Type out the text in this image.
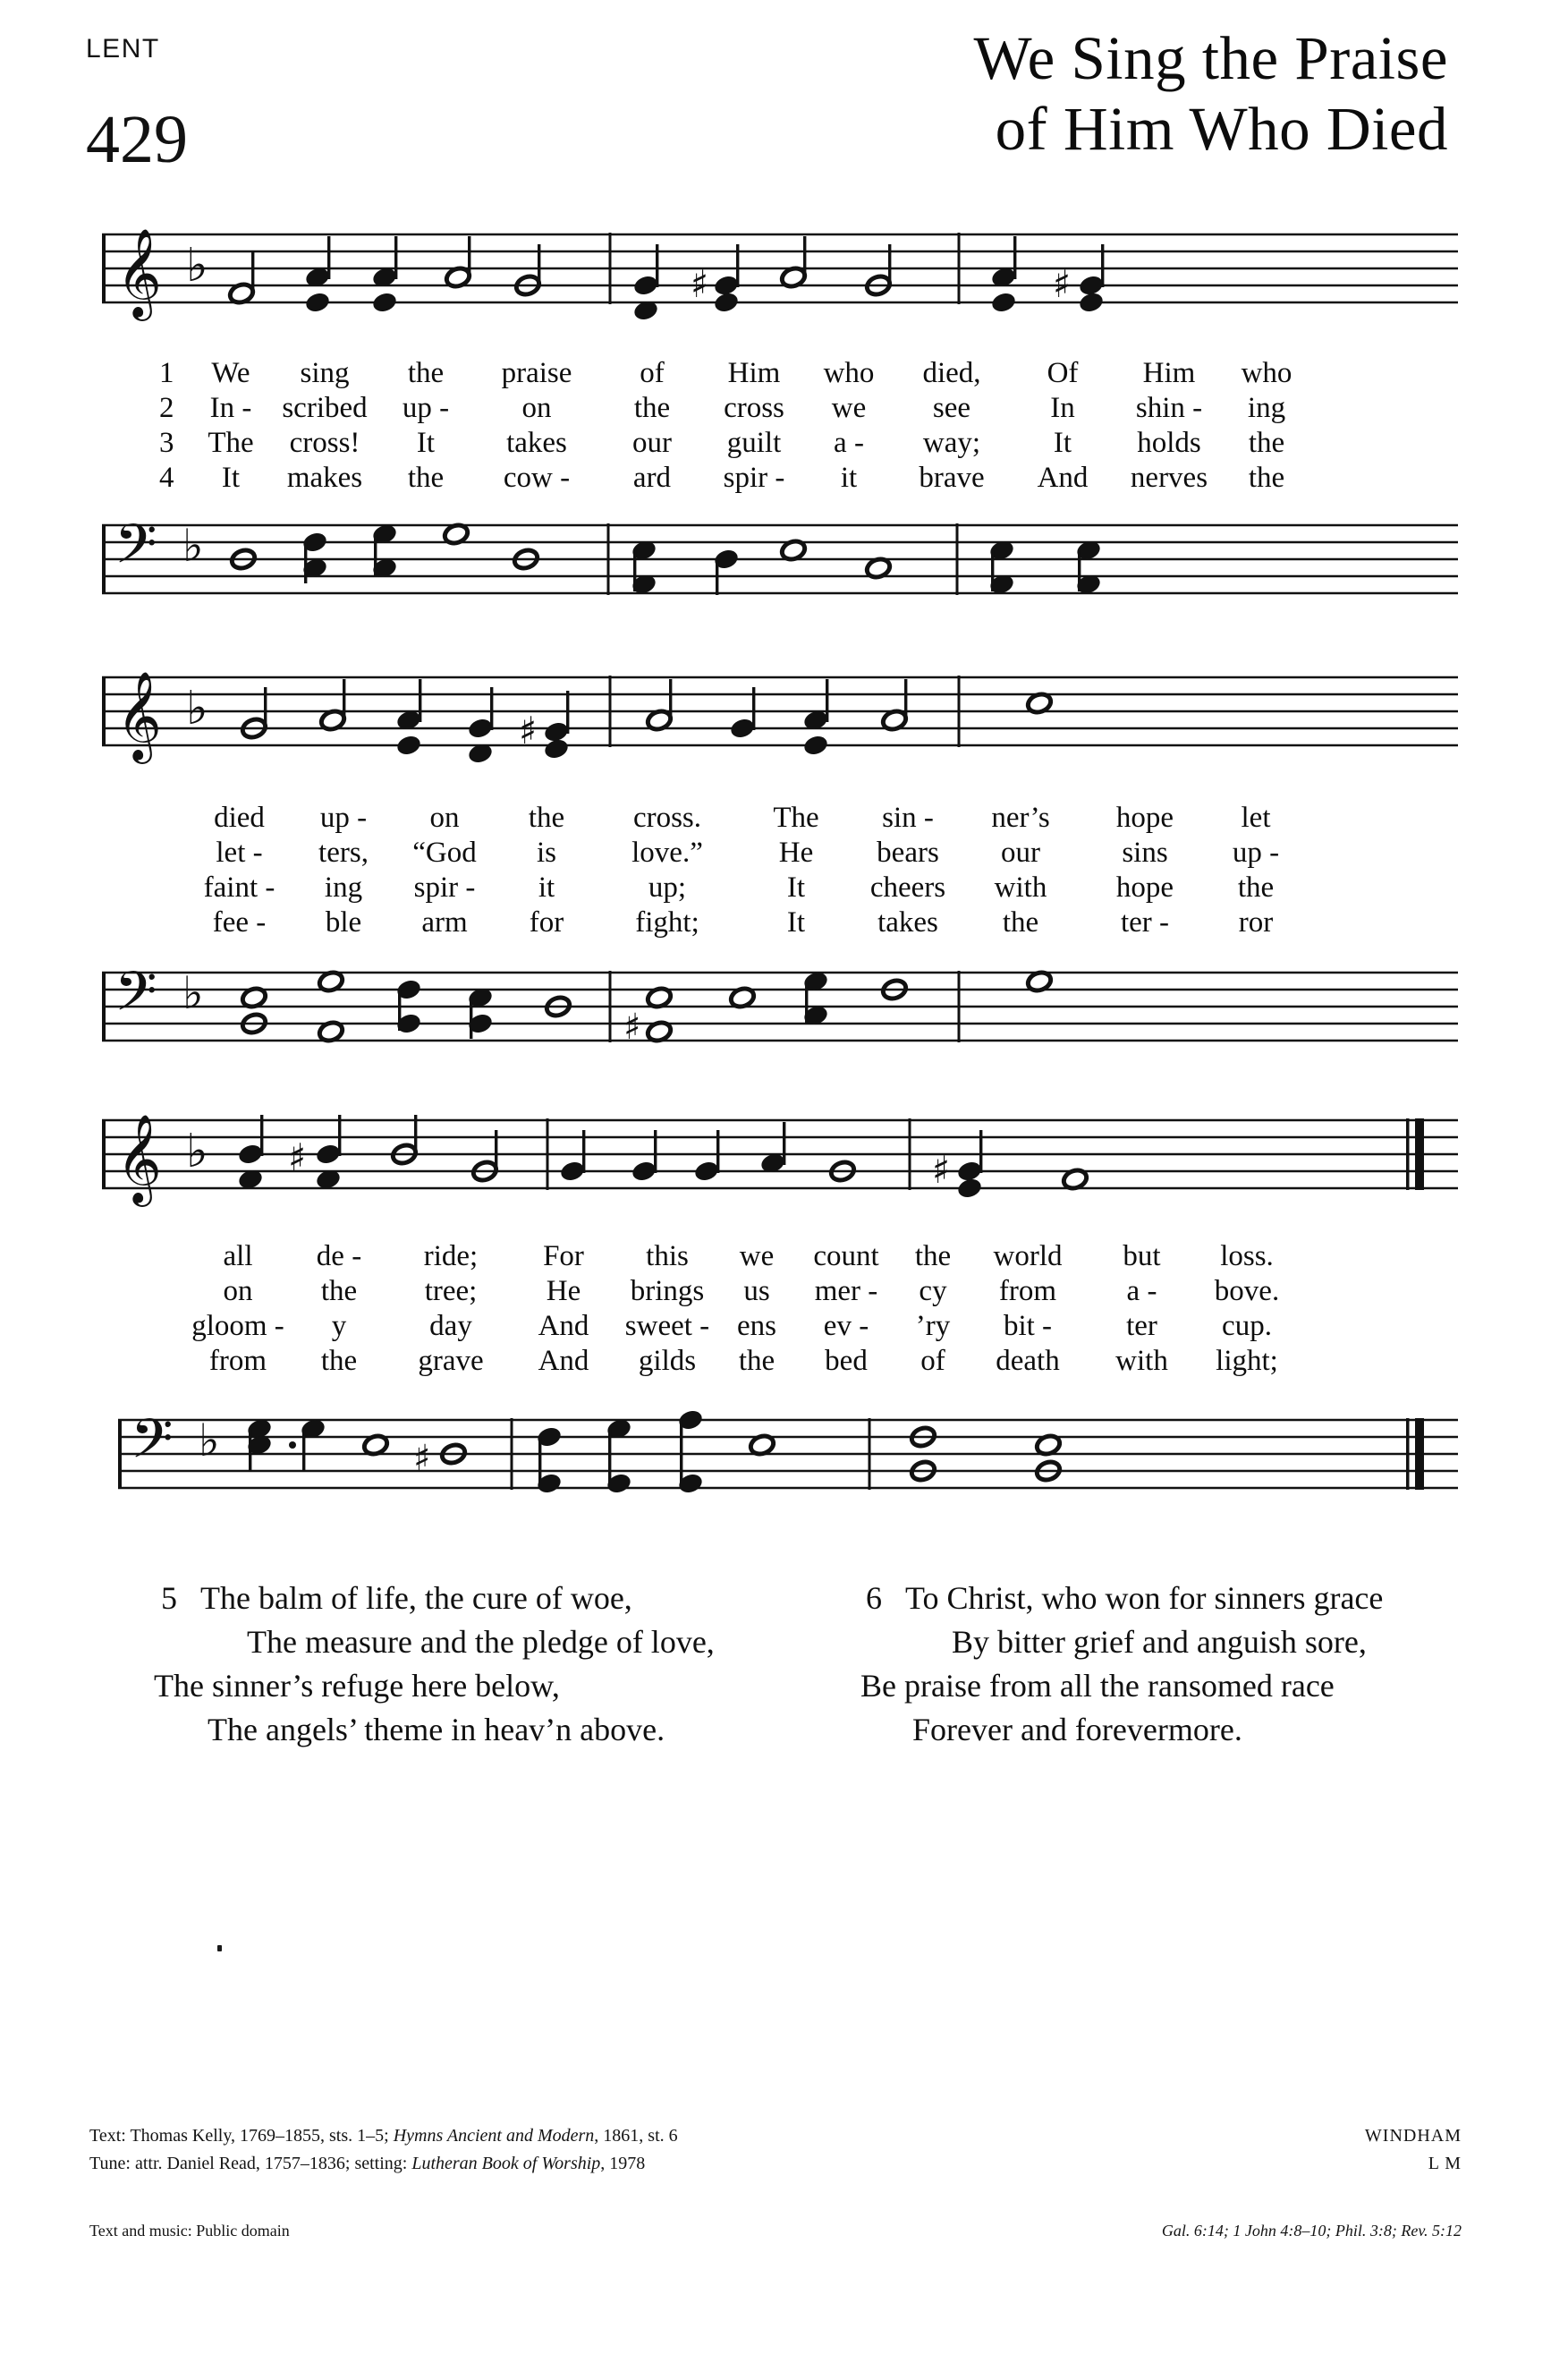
LENT
429
We Sing the Praise
of Him Who Died
𝄞 ♭	♯	♯
1	We	sing	the	praise	of	Him	who	died,	Of	Him	who
2	In -	scribed	up -	on	the	cross	we	see	In	shin -	ing
3	The	cross!	It	takes	our	guilt	a -	way;	It	holds	the
4	It	makes	the	cow -	ard	spir -	it	brave	And	nerves	the
𝄢 ♭
𝄞 ♭	♯
died	up -	on	the	cross.	The	sin -	ner’s	hope	let
let -	ters,	“God	is	love.”	He	bears	our	sins	up -
faint -	ing	spir -	it	up;	It	cheers	with	hope	the
fee -	ble	arm	for	fight;	It	takes	the	ter -	ror
𝄢 ♭
♯
𝄞 ♭ ♯	♯
all	de -	ride;	For	this	we	count	the	world	but	loss.
on	the	tree;	He	brings	us	mer -	cy	from	a -	bove.
gloom -	y	day	And	sweet - ens	ev -	’ry	bit -	ter	cup.
from	the	grave	And	gilds	the	bed	of	death	with	light;
𝄢 ♭	♯
5 The balm of life, the cure of woe,
The measure and the pledge of love,
The sinner’s refuge here below,
The angels’ theme in heav’n above.
6 To Christ, who won for sinners grace
By bitter grief and anguish sore,
Be praise from all the ransomed race
Forever and forevermore.
Text: Thomas Kelly, 1769–1855, sts. 1–5; Hymns Ancient and Modern, 1861, st. 6	WINDHAM
Tune: attr. Daniel Read, 1757–1836; setting: Lutheran Book of Worship, 1978	L M
Text and music: Public domain	Gal. 6:14; 1 John 4:8–10; Phil. 3:8; Rev. 5:12
